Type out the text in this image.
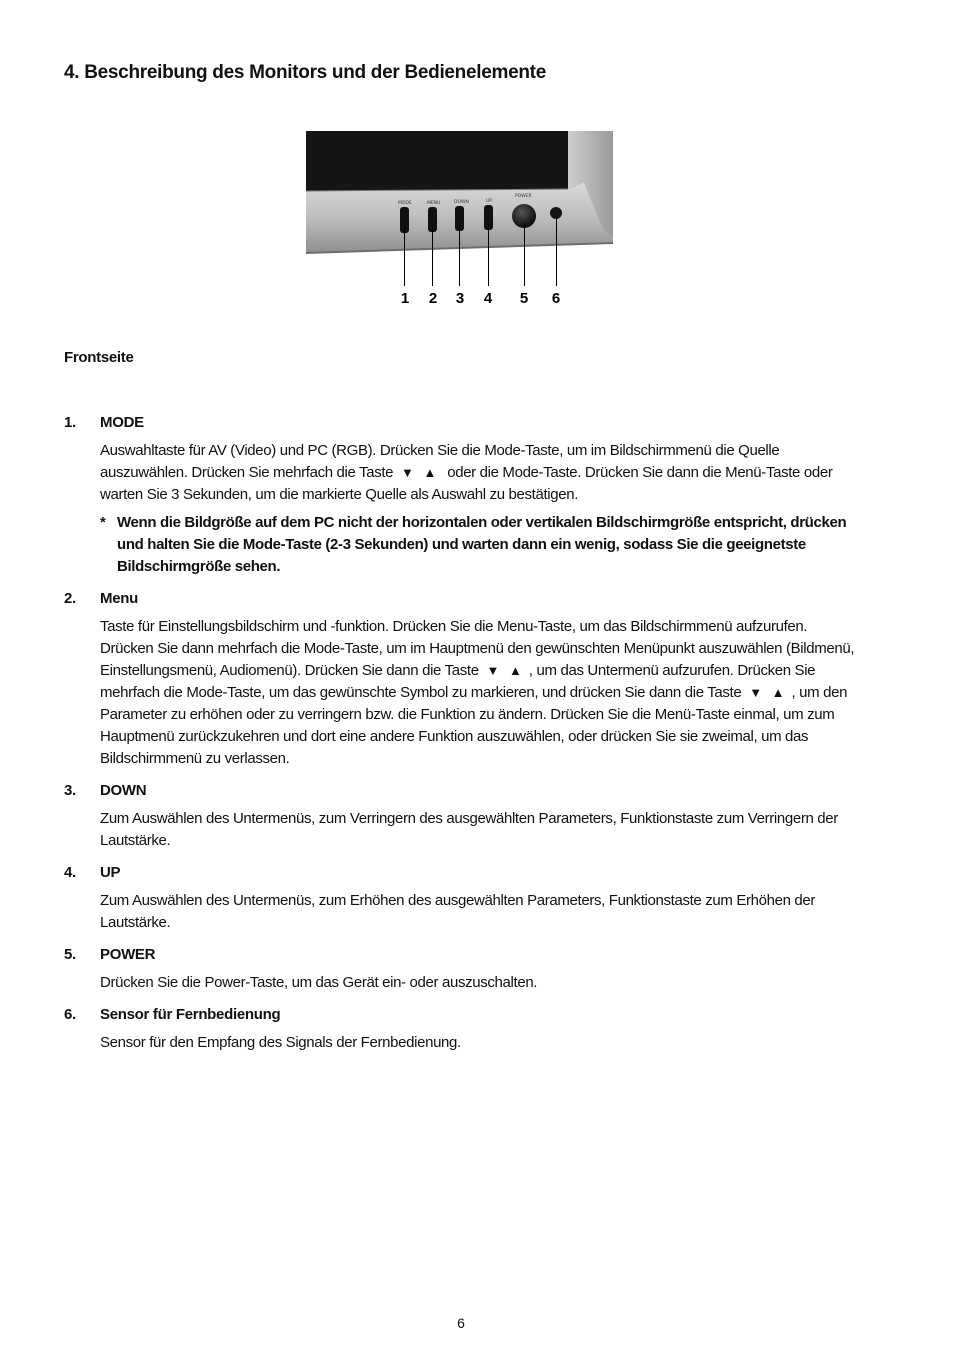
4. Beschreibung des Monitors und der Bedienelemente
MODE	MENU	DOWN	UP
POWER
1 2 3 4 5 6
Frontseite
1.	MODE

Auswahltaste für AV (Video) und PC (RGB). Drücken Sie die Mode-Taste, um im Bildschirmmenü die Quelle auszuwählen. Drücken Sie mehrfach die Taste ▼ ▲ oder die Mode-Taste. Drücken Sie dann die Menü-Taste oder warten Sie 3 Sekunden, um die markierte Quelle als Auswahl zu bestätigen.

* Wenn die Bildgröße auf dem PC nicht der horizontalen oder vertikalen Bildschirmgröße entspricht, drücken und halten Sie die Mode-Taste (2-3 Sekunden) und warten dann ein wenig, sodass Sie die geeignetste Bildschirmgröße sehen.
2.	Menu

Taste für Einstellungsbildschirm und -funktion. Drücken Sie die Menu-Taste, um das Bildschirmmenü aufzurufen. Drücken Sie dann mehrfach die Mode-Taste, um im Hauptmenü den gewünschten Menüpunkt auszuwählen (Bildmenü, Einstellungsmenü, Audiomenü). Drücken Sie dann die Taste ▼ ▲ , um das Untermenü aufzurufen. Drücken Sie mehrfach die Mode-Taste, um das gewünschte Symbol zu markieren, und drücken Sie dann die Taste ▼ ▲ , um den Parameter zu erhöhen oder zu verringern bzw. die Funktion zu ändern. Drücken Sie die Menü-Taste einmal, um zum Hauptmenü zurückzukehren und dort eine andere Funktion auszuwählen, oder drücken Sie sie zweimal, um das Bildschirmmenü zu verlassen.

3.	DOWN
Zum Auswählen des Untermenüs, zum Verringern des ausgewählten Parameters, Funktionstaste zum Verringern der Lautstärke.
4.	UP
Zum Auswählen des Untermenüs, zum Erhöhen des ausgewählten Parameters, Funktionstaste zum Erhöhen der Lautstärke.
5.	POWER
Drücken Sie die Power-Taste, um das Gerät ein- oder auszuschalten.
6.	Sensor für Fernbedienung
Sensor für den Empfang des Signals der Fernbedienung.
6
